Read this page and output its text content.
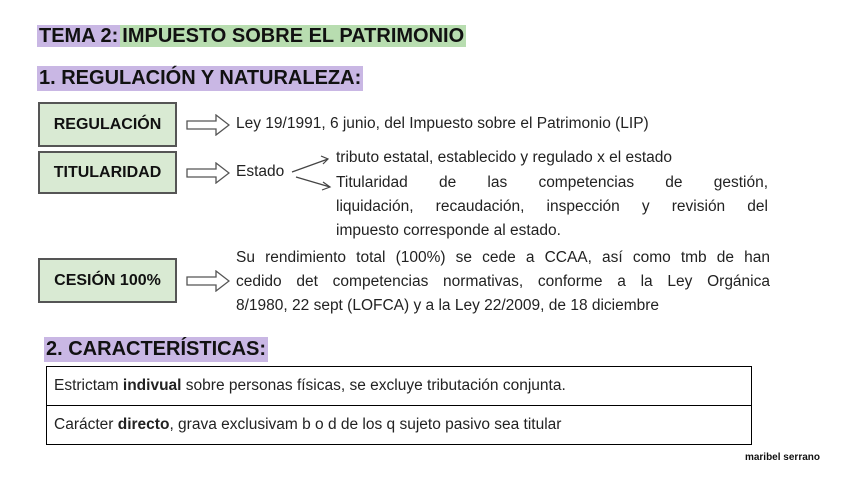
TEMA 2: IMPUESTO SOBRE EL PATRIMONIO
1. REGULACIÓN Y NATURALEZA:
REGULACIÓN	Ley 19/1991, 6 junio, del Impuesto sobre el Patrimonio (LIP)
TITULARIDAD	Estado
tributo estatal, establecido y regulado x el estado
Titularidad de las competencias de gestión,
liquidación, recaudación, inspección y revisión del
impuesto corresponde al estado.
CESIÓN 100%
Su rendimiento total (100%) se cede a CCAA, así como tmb de han
cedido det competencias normativas, conforme a la Ley Orgánica
8/1980, 22 sept (LOFCA) y a la Ley 22/2009, de 18 diciembre
2. CARACTERÍSTICAS:
Estrictam indivual sobre personas físicas, se excluye tributación conjunta.
Carácter directo , grava exclusivam b o d de los q sujeto pasivo sea titular
maribel serrano
